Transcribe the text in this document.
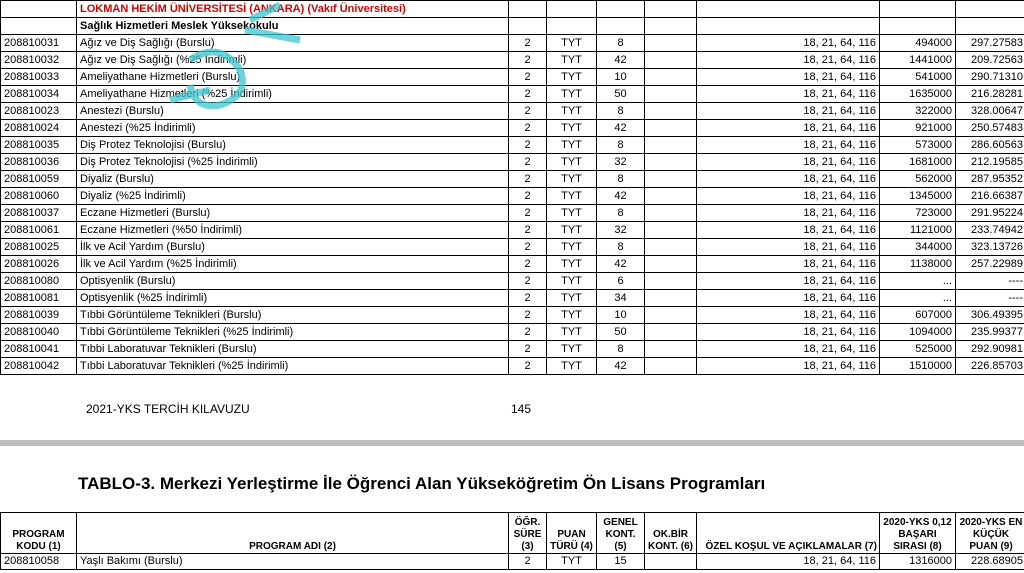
	LOKMAN HEKİM ÜNİVERSİTESİ (ANKARA) (Vakıf Üniversitesi)							
	Sağlık Hizmetleri Meslek Yüksekokulu							
208810031	Ağız ve Diş Sağlığı (Burslu)	2	TYT	8		18, 21, 64, 116	494000	297.27583
208810032	Ağız ve Diş Sağlığı (%25 İndirimli)	2	TYT	42		18, 21, 64, 116	1441000	209.72563
208810033	Ameliyathane Hizmetleri (Burslu)	2	TYT	10		18, 21, 64, 116	541000	290.71310
208810034	Ameliyathane Hizmetleri (%25 İndirimli)	2	TYT	50		18, 21, 64, 116	1635000	216.28281
208810023	Anestezi (Burslu)	2	TYT	8		18, 21, 64, 116	322000	328.00647
208810024	Anestezi (%25 İndirimli)	2	TYT	42		18, 21, 64, 116	921000	250.57483
208810035	Diş Protez Teknolojisi (Burslu)	2	TYT	8		18, 21, 64, 116	573000	286.60563
208810036	Diş Protez Teknolojisi (%25 İndirimli)	2	TYT	32		18, 21, 64, 116	1681000	212.19585
208810059	Diyaliz (Burslu)	2	TYT	8		18, 21, 64, 116	562000	287.95352
208810060	Diyaliz (%25 İndirimli)	2	TYT	42		18, 21, 64, 116	1345000	216.66387
208810037	Eczane Hizmetleri (Burslu)	2	TYT	8		18, 21, 64, 116	723000	291.95224
208810061	Eczane Hizmetleri (%50 İndirimli)	2	TYT	32		18, 21, 64, 116	1121000	233.74942
208810025	İlk ve Acil Yardım (Burslu)	2	TYT	8		18, 21, 64, 116	344000	323.13726
208810026	İlk ve Acil Yardım (%25 İndirimli)	2	TYT	42		18, 21, 64, 116	1138000	257.22989
208810080	Optisyenlik (Burslu)	2	TYT	6		18, 21, 64, 116	...	----
208810081	Optisyenlik (%25 İndirimli)	2	TYT	34		18, 21, 64, 116	...	----
208810039	Tıbbi Görüntüleme Teknikleri (Burslu)	2	TYT	10		18, 21, 64, 116	607000	306.49395
208810040	Tıbbi Görüntüleme Teknikleri (%25 İndirimli)	2	TYT	50		18, 21, 64, 116	1094000	235.99377
208810041	Tıbbi Laboratuvar Teknikleri (Burslu)	2	TYT	8		18, 21, 64, 116	525000	292.90981
208810042	Tıbbi Laboratuvar Teknikleri (%25 İndirimli)	2	TYT	42		18, 21, 64, 116	1510000	226.85703
2021-YKS TERCİH KILAVUZU	145
TABLO-3. Merkezi Yerleştirme İle Öğrenci Alan Yükseköğretim Ön Lisans Programları
PROGRAM KODU (1)	PROGRAM ADI (2)	ÖĞR. SÜRE (3)	PUAN TÜRÜ (4)	GENEL KONT. (5)	OK.BİR KONT. (6)	ÖZEL KOŞUL VE AÇIKLAMALAR (7)	2020-YKS 0,12 BAŞARI SIRASI (8)	2020-YKS EN KÜÇÜK PUAN (9)
208810058	Yaşlı Bakımı (Burslu)	2	TYT	15		18, 21, 64, 116	1316000	228.68905
